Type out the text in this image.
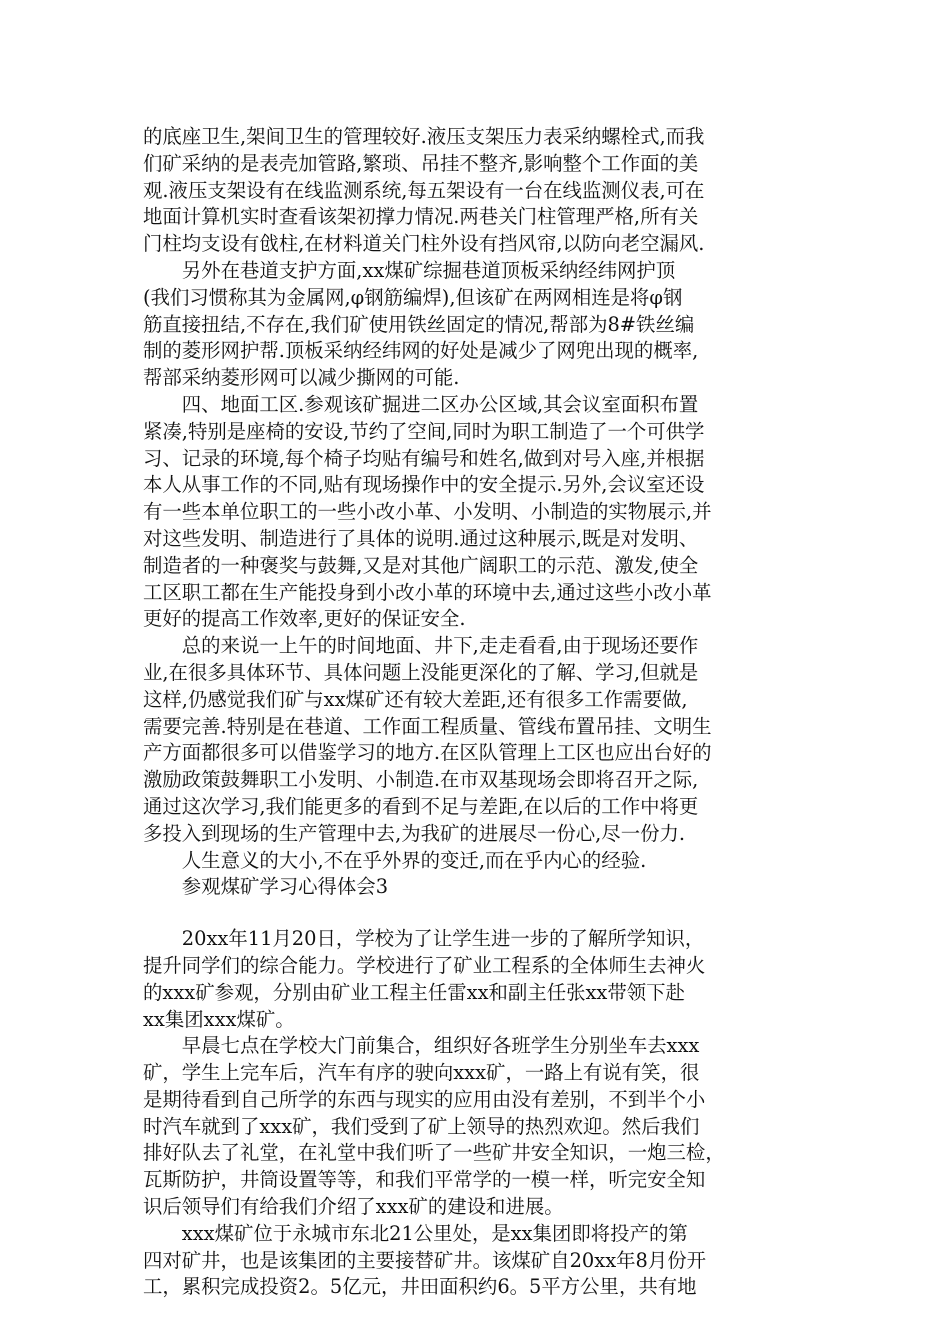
的底座卫生,架间卫生的管理较好.液压支架压力表采纳螺栓式,而我
们矿采纳的是表壳加管路,繁琐、吊挂不整齐,影响整个工作面的美
观.液压支架设有在线监测系统,每五架设有一台在线监测仪表,可在
地面计算机实时查看该架初撑力情况.两巷关门柱管理严格,所有关
门柱均支设有戗柱,在材料道关门柱外设有挡风帘,以防向老空漏风.

另外在巷道支护方面,xx煤矿综掘巷道顶板采纳经纬网护顶
(我们习惯称其为金属网,φ钢筋编焊),但该矿在两网相连是将φ钢
筋直接扭结,不存在,我们矿使用铁丝固定的情况,帮部为8#铁丝编
制的菱形网护帮.顶板采纳经纬网的好处是减少了网兜出现的概率,
帮部采纳菱形网可以减少撕网的可能.

四、地面工区.参观该矿掘进二区办公区域,其会议室面积布置
紧凑,特别是座椅的安设,节约了空间,同时为职工制造了一个可供学
习、记录的环境,每个椅子均贴有编号和姓名,做到对号入座,并根据
本人从事工作的不同,贴有现场操作中的安全提示.另外,会议室还设
有一些本单位职工的一些小改小革、小发明、小制造的实物展示,并
对这些发明、制造进行了具体的说明.通过这种展示,既是对发明、
制造者的一种褒奖与鼓舞,又是对其他广阔职工的示范、激发,使全
工区职工都在生产能投身到小改小革的环境中去,通过这些小改小革
更好的提高工作效率,更好的保证安全.

总的来说一上午的时间地面、井下,走走看看,由于现场还要作
业,在很多具体环节、具体问题上没能更深化的了解、学习,但就是
这样,仍感觉我们矿与xx煤矿还有较大差距,还有很多工作需要做,
需要完善.特别是在巷道、工作面工程质量、管线布置吊挂、文明生
产方面都很多可以借鉴学习的地方.在区队管理上工区也应出台好的
激励政策鼓舞职工小发明、小制造.在市双基现场会即将召开之际,
通过这次学习,我们能更多的看到不足与差距,在以后的工作中将更
多投入到现场的生产管理中去,为我矿的进展尽一份心,尽一份力.

人生意义的大小,不在乎外界的变迁,而在乎内心的经验.

参观煤矿学习心得体会3

20xx年11月20日，学校为了让学生进一步的了解所学知识，
提升同学们的综合能力。学校进行了矿业工程系的全体师生去神火
的xxx矿参观，分别由矿业工程主任雷xx和副主任张xx带领下赴
xx集团xxx煤矿。

早晨七点在学校大门前集合，组织好各班学生分别坐车去xxx
矿，学生上完车后，汽车有序的驶向xxx矿，一路上有说有笑，很
是期待看到自己所学的东西与现实的应用由没有差别，不到半个小
时汽车就到了xxx矿，我们受到了矿上领导的热烈欢迎。然后我们
排好队去了礼堂，在礼堂中我们听了一些矿井安全知识，一炮三检，
瓦斯防护，井筒设置等等，和我们平常学的一模一样，听完安全知
识后领导们有给我们介绍了xxx矿的建设和进展。

xxx煤矿位于永城市东北21公里处，是xx集团即将投产的第
四对矿井，也是该集团的主要接替矿井。该煤矿自20xx年8月份开
工，累积完成投资2。5亿元，井田面积约6。5平方公里，共有地
